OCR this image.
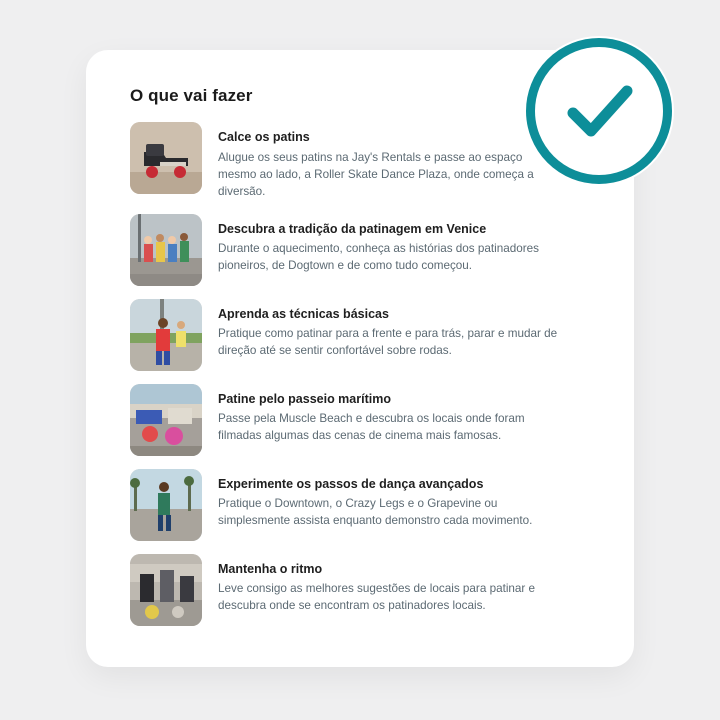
O que vai fazer
Calce os patins
Alugue os seus patins na Jay's Rentals e passe ao espaço mesmo ao lado, a Roller Skate Dance Plaza, onde começa a diversão.
Descubra a tradição da patinagem em Venice
Durante o aquecimento, conheça as histórias dos patinadores pioneiros, de Dogtown e de como tudo começou.
Aprenda as técnicas básicas
Pratique como patinar para a frente e para trás, parar e mudar de direção até se sentir confortável sobre rodas.
Patine pelo passeio marítimo
Passe pela Muscle Beach e descubra os locais onde foram filmadas algumas das cenas de cinema mais famosas.
Experimente os passos de dança avançados
Pratique o Downtown, o Crazy Legs e o Grapevine ou simplesmente assista enquanto demonstro cada movimento.
Mantenha o ritmo
Leve consigo as melhores sugestões de locais para patinar e descubra onde se encontram os patinadores locais.
